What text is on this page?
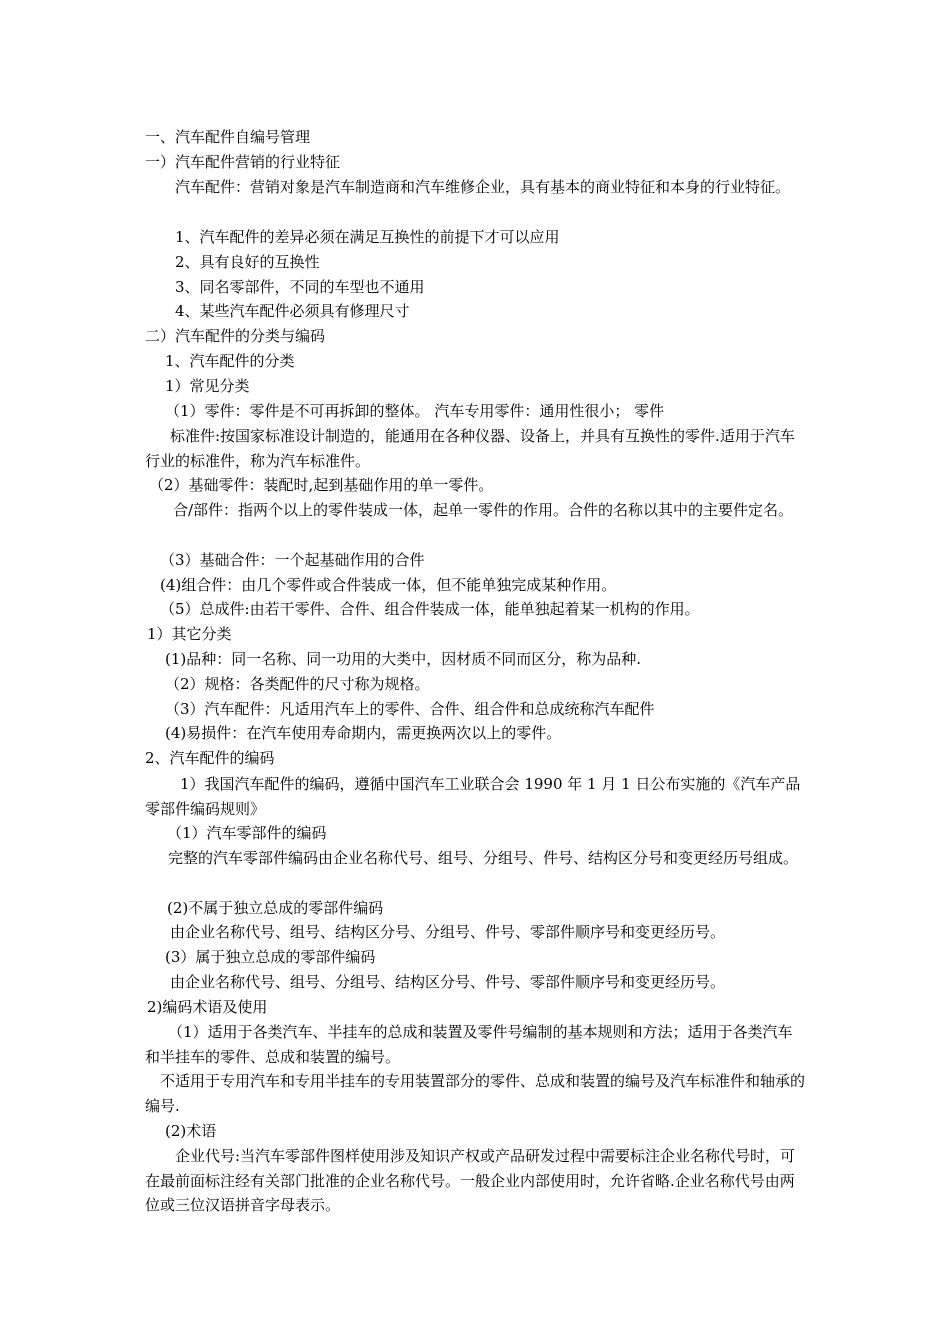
一、汽车配件自编号管理
一）汽车配件营销的行业特征
汽车配件：营销对象是汽车制造商和汽车维修企业，具有基本的商业特征和本身的行业特征。
1、汽车配件的差异必须在满足互换性的前提下才可以应用
2、具有良好的互换性
3、同名零部件，不同的车型也不通用
4、某些汽车配件必须具有修理尺寸
二）汽车配件的分类与编码
1、汽车配件的分类
1）常见分类
（1）零件：零件是不可再拆卸的整体。 汽车专用零件：通用性很小； 零件
标准件:按国家标准设计制造的，能通用在各种仪器、设备上，并具有互换性的零件.适用于汽车行业的标准件，称为汽车标准件。
（2）基础零件：装配时,起到基础作用的单一零件。
合/部件：指两个以上的零件装成一体，起单一零件的作用。合件的名称以其中的主要件定名。
（3）基础合件：一个起基础作用的合件
(4)组合件：由几个零件或合件装成一体，但不能单独完成某种作用。
（5）总成件:由若干零件、合件、组合件装成一体，能单独起着某一机构的作用。
1）其它分类
(1)品种：同一名称、同一功用的大类中，因材质不同而区分，称为品种.
（2）规格：各类配件的尺寸称为规格。
（3）汽车配件：凡适用汽车上的零件、合件、组合件和总成统称汽车配件
(4)易损件：在汽车使用寿命期内，需更换两次以上的零件。
2、汽车配件的编码
1）我国汽车配件的编码，遵循中国汽车工业联合会 1990 年 1 月 1 日公布实施的《汽车产品零部件编码规则》
（1）汽车零部件的编码
完整的汽车零部件编码由企业名称代号、组号、分组号、件号、结构区分号和变更经历号组成。
(2)不属于独立总成的零部件编码
由企业名称代号、组号、结构区分号、分组号、件号、零部件顺序号和变更经历号。
(3）属于独立总成的零部件编码
由企业名称代号、组号、分组号、结构区分号、件号、零部件顺序号和变更经历号。
2)编码术语及使用
（1）适用于各类汽车、半挂车的总成和装置及零件号编制的基本规则和方法；适用于各类汽车和半挂车的零件、总成和装置的编号。
不适用于专用汽车和专用半挂车的专用装置部分的零件、总成和装置的编号及汽车标准件和轴承的编号.
(2)术语
企业代号:当汽车零部件图样使用涉及知识产权或产品研发过程中需要标注企业名称代号时，可在最前面标注经有关部门批准的企业名称代号。一般企业内部使用时，允许省略.企业名称代号由两位或三位汉语拼音字母表示。
